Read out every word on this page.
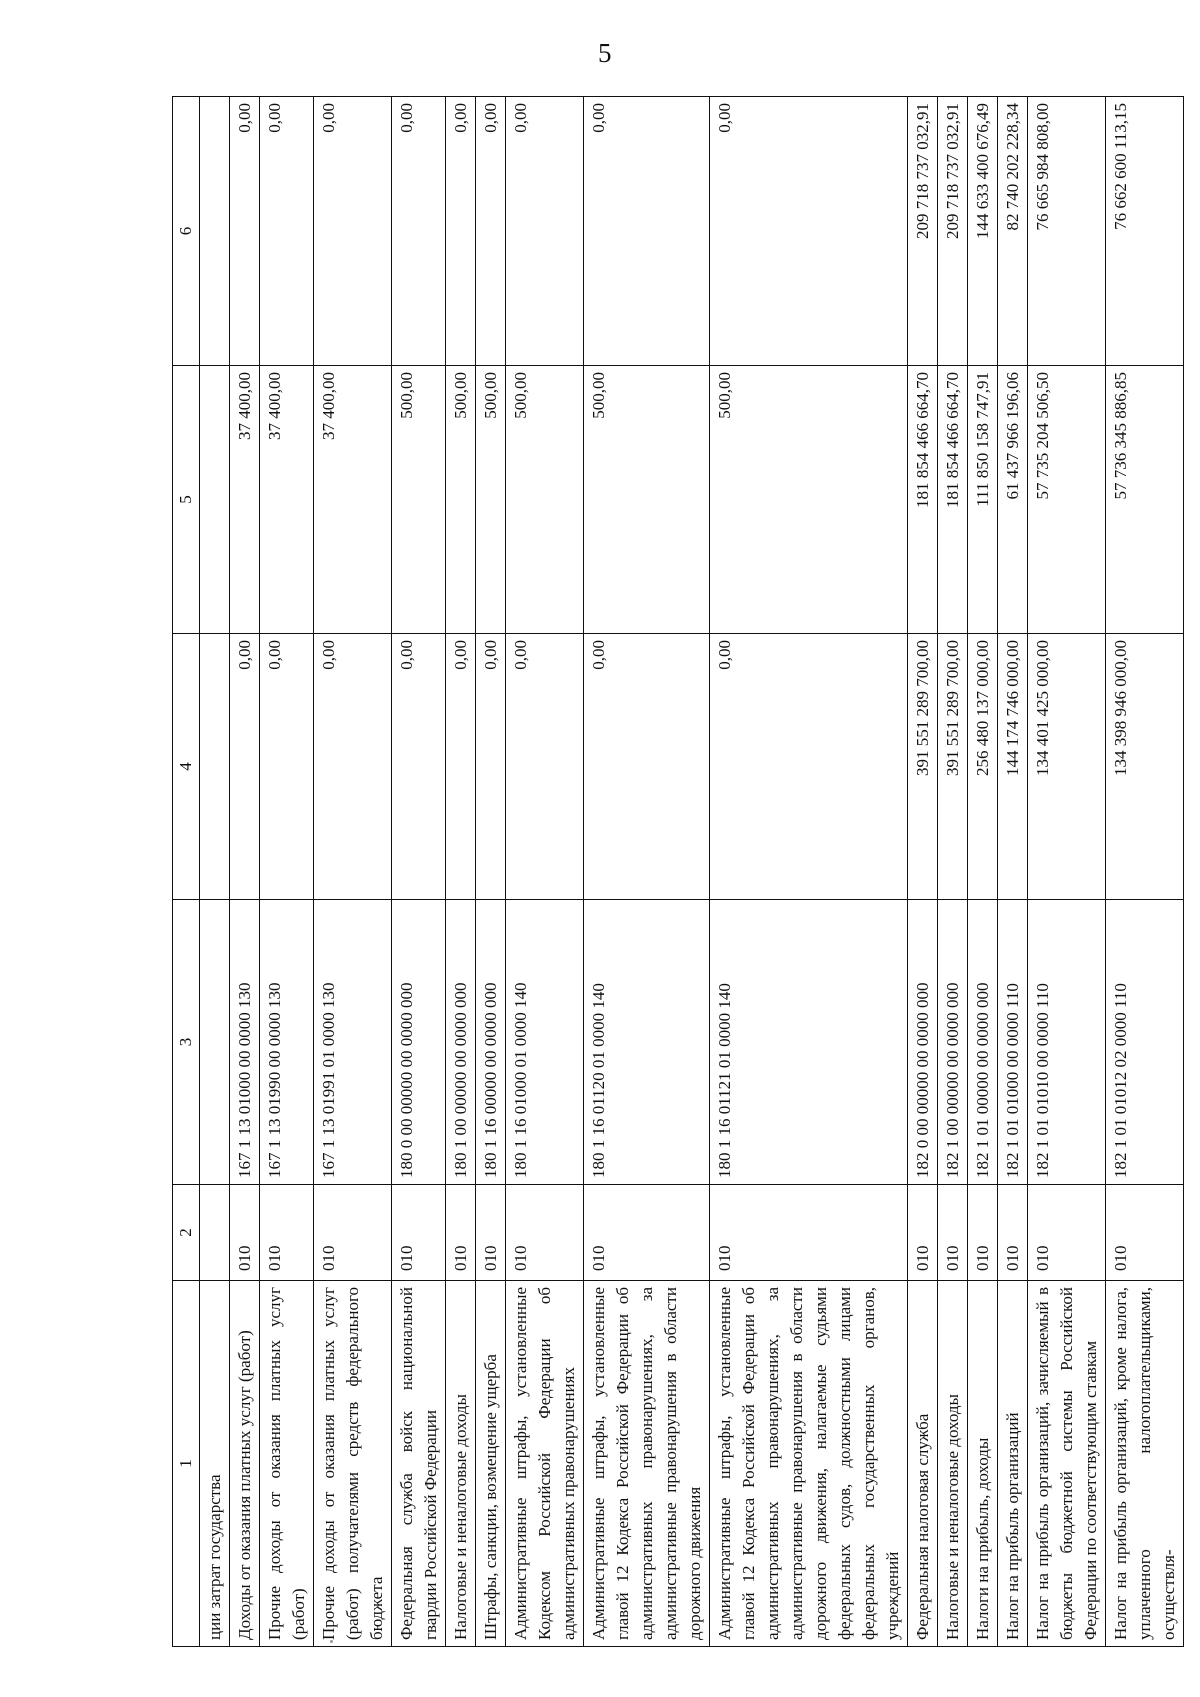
5
1	2	3	4	5	6
ции затрат государства					
Доходы от оказания платных услуг (работ)	010	167 1 13 01000 00 0000 130	0,00	37 400,00	0,00
Прочие доходы от оказания платных услуг (работ)	010	167 1 13 01990 00 0000 130	0,00	37 400,00	0,00
Прочие доходы от оказания платных услуг (работ) получателями средств федерального бюджета	010	167 1 13 01991 01 0000 130	0,00	37 400,00	0,00
Федеральная служба войск национальной гвардии Российской Федерации	010	180 0 00 00000 00 0000 000	0,00	500,00	0,00
Налоговые и неналоговые доходы	010	180 1 00 00000 00 0000 000	0,00	500,00	0,00
Штрафы, санкции, возмещение ущерба	010	180 1 16 00000 00 0000 000	0,00	500,00	0,00
Административные штрафы, установленные Кодексом Российской Федерации об административных правонарушениях	010	180 1 16 01000 01 0000 140	0,00	500,00	0,00
Административные штрафы, установленные главой 12 Кодекса Российской Федерации об административных правонарушениях, за административные правонарушения в области дорожного движения	010	180 1 16 01120 01 0000 140	0,00	500,00	0,00
Административные штрафы, установленные главой 12 Кодекса Российской Федерации об административных правонарушениях, за административные правонарушения в области дорожного движения, налагаемые судьями федеральных судов, должностными лицами федеральных государственных органов, учреждений	010	180 1 16 01121 01 0000 140	0,00	500,00	0,00
Федеральная налоговая служба	010	182 0 00 00000 00 0000 000	391 551 289 700,00	181 854 466 664,70	209 718 737 032,91
Налоговые и неналоговые доходы	010	182 1 00 00000 00 0000 000	391 551 289 700,00	181 854 466 664,70	209 718 737 032,91
Налоги на прибыль, доходы	010	182 1 01 00000 00 0000 000	256 480 137 000,00	111 850 158 747,91	144 633 400 676,49
Налог на прибыль организаций	010	182 1 01 01000 00 0000 110	144 174 746 000,00	61 437 966 196,06	82 740 202 228,34
Налог на прибыль организаций, зачисляемый в бюджеты бюджетной системы Российской Федерации по соответствующим ставкам	010	182 1 01 01010 00 0000 110	134 401 425 000,00	57 735 204 506,50	76 665 984 808,00
Налог на прибыль организаций, кроме налога, уплаченного налогоплательщиками, осуществля-	010	182 1 01 01012 02 0000 110	134 398 946 000,00	57 736 345 886,85	76 662 600 113,15
